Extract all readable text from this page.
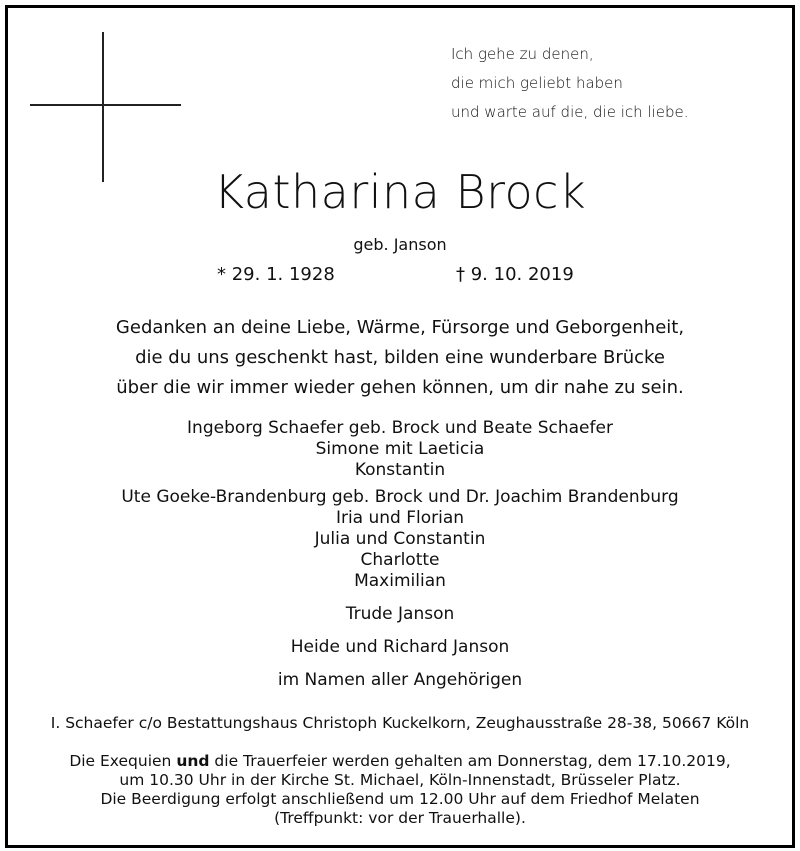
Ich gehe zu denen,
die mich geliebt haben
und warte auf die, die ich liebe.
Katharina Brock
geb. Janson
* 29. 1. 1928	† 9. 10. 2019
Gedanken an deine Liebe, Wärme, Fürsorge und Geborgenheit,
die du uns geschenkt hast, bilden eine wunderbare Brücke
über die wir immer wieder gehen können, um dir nahe zu sein.
Ingeborg Schaefer geb. Brock und Beate Schaefer
Simone mit Laeticia
Konstantin
Ute Goeke-Brandenburg geb. Brock und Dr. Joachim Brandenburg
Iria und Florian
Julia und Constantin
Charlotte
Maximilian
Trude Janson
Heide und Richard Janson
im Namen aller Angehörigen
I. Schaefer c/o Bestattungshaus Christoph Kuckelkorn, Zeughausstraße 28-38, 50667 Köln
Die Exequien und die Trauerfeier werden gehalten am Donnerstag, dem 17.10.2019,
um 10.30 Uhr in der Kirche St. Michael, Köln-Innenstadt, Brüsseler Platz.
Die Beerdigung erfolgt anschließend um 12.00 Uhr auf dem Friedhof Melaten
(Treffpunkt: vor der Trauerhalle).
